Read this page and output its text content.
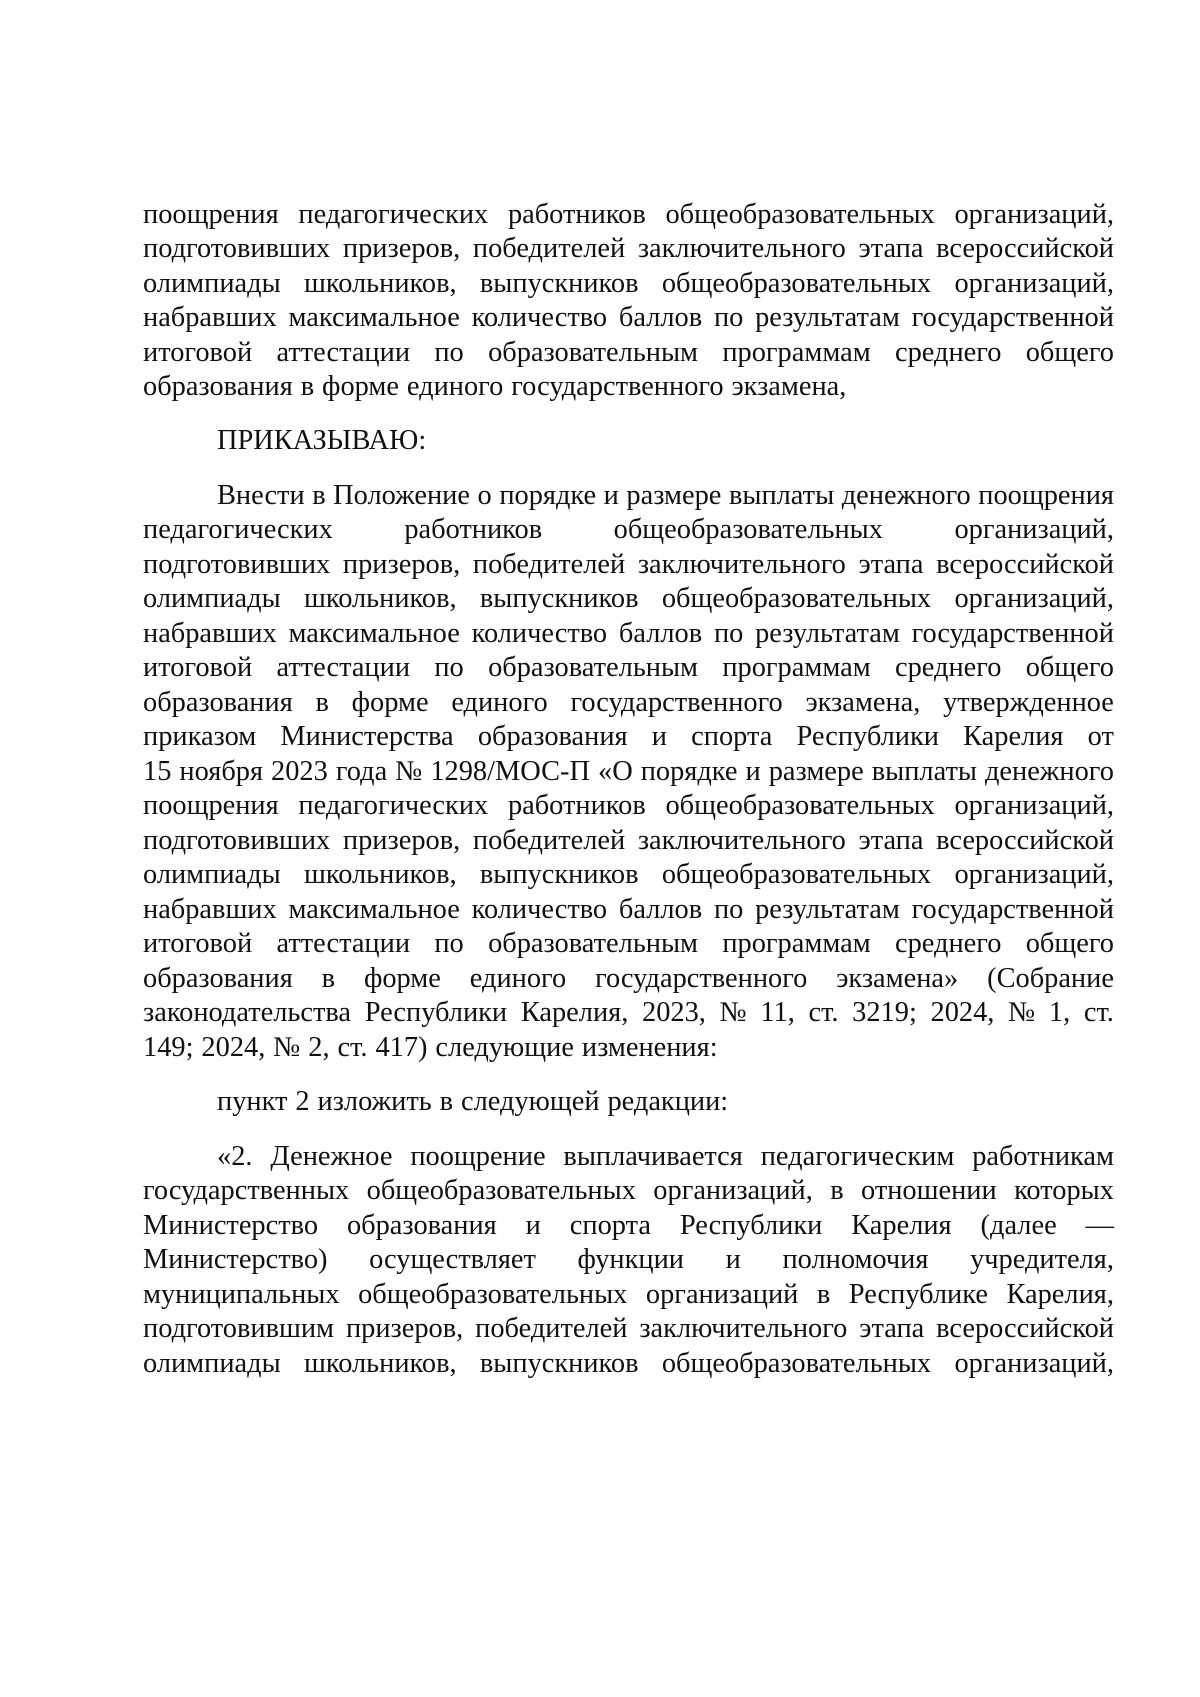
поощрения педагогических работников общеобразовательных организаций,
подготовивших призеров, победителей заключительного этапа всероссийской
олимпиады школьников, выпускников общеобразовательных организаций,
набравших максимальное количество баллов по результатам государственной
итоговой аттестации по образовательным программам среднего общего
образования в форме единого государственного экзамена,
ПРИКАЗЫВАЮ:
Внести в Положение о порядке и размере выплаты денежного поощрения
педагогических	работников	общеобразовательных	организаций,
подготовивших призеров, победителей заключительного этапа всероссийской
олимпиады школьников, выпускников общеобразовательных организаций,
набравших максимальное количество баллов по результатам государственной
итоговой аттестации по образовательным программам среднего общего
образования в форме единого государственного экзамена, утвержденное
приказом Министерства образования и спорта Республики Карелия от
15 ноября 2023 года № 1298/МОС-П «О порядке и размере выплаты денежного
поощрения педагогических работников общеобразовательных организаций,
подготовивших призеров, победителей заключительного этапа всероссийской
олимпиады школьников, выпускников общеобразовательных организаций,
набравших максимальное количество баллов по результатам государственной
итоговой аттестации по образовательным программам среднего общего
образования в форме единого государственного экзамена» (Собрание
законодательства Республики Карелия, 2023, № 11, ст. 3219; 2024, № 1, ст.
149; 2024, № 2, ст. 417) следующие изменения:
пункт 2 изложить в следующей редакции:
«2. Денежное поощрение выплачивается педагогическим работникам
государственных общеобразовательных организаций, в отношении которых
Министерство образования и спорта Республики Карелия (далее —
Министерство) осуществляет функции и полномочия учредителя,
муниципальных общеобразовательных организаций в Республике Карелия,
подготовившим призеров, победителей заключительного этапа всероссийской
олимпиады школьников, выпускников общеобразовательных организаций,
